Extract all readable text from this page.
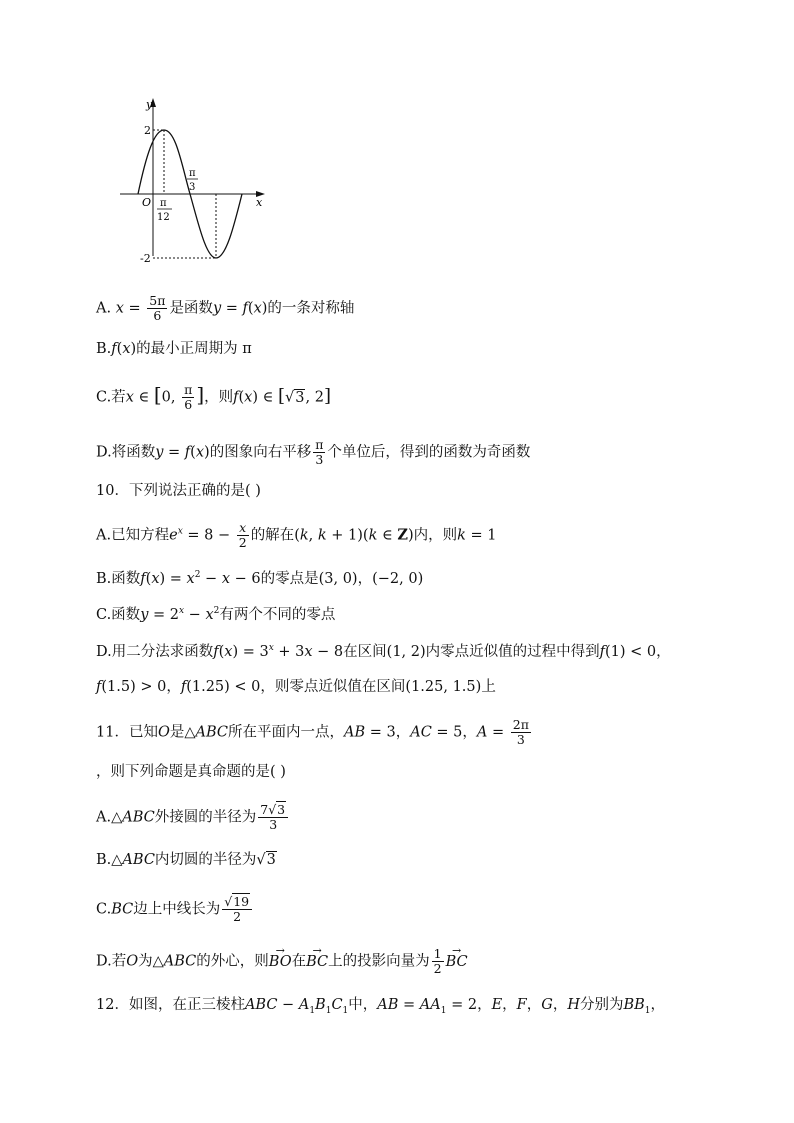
y
x
O
2
-2
π
12
π
3
A. $x = \frac{5\pi}{6}$ 是函数y = f(x)的一条对称轴
B.f(x)的最小正周期为 π
C.若x ∈ [0, $\frac{\pi}{6}$ ]，则f(x) ∈ [√3, 2]
D.将函数y = f(x)的图象向右平移 $\frac{\pi}{3}$ 个单位后，得到的函数为奇函数
10．下列说法正确的是( )
A.已知方程$e^x = 8 - \frac{x}{2}$ 的解在(k, k + 1)(k ∈ Z)内，则k = 1
B.函数$f(x) = x^2 - x - 6$的零点是(3, 0)，(−2, 0)
C.函数$y = 2^x - x^2$有两个不同的零点
D.用二分法求函数$f(x) = 3^x + 3x - 8$在区间(1, 2)内零点近似值的过程中得到f(1) < 0，
f(1.5) > 0，f(1.25) < 0，则零点近似值在区间(1.25, 1.5)上
11．已知O是△ABC所在平面内一点，AB = 3，AC = 5，$A = \frac{2\pi}{3}$
，则下列命题是真命题的是( )
A.△ABC外接圆的半径为 $\frac{7√3}{3}$
B.△ABC内切圆的半径为√3
C.BC边上中线长为 $\frac{√19}{2}$
D.若O为△ABC的外心，则→ BO在→ BC上的投影向量为 $\frac{1}{2}$
→ BC
12．如图，在正三棱柱ABC − $A_1B_1C_1$中，AB = $AA_1 = 2$，E，F，G，H分别为$BB_1$，
